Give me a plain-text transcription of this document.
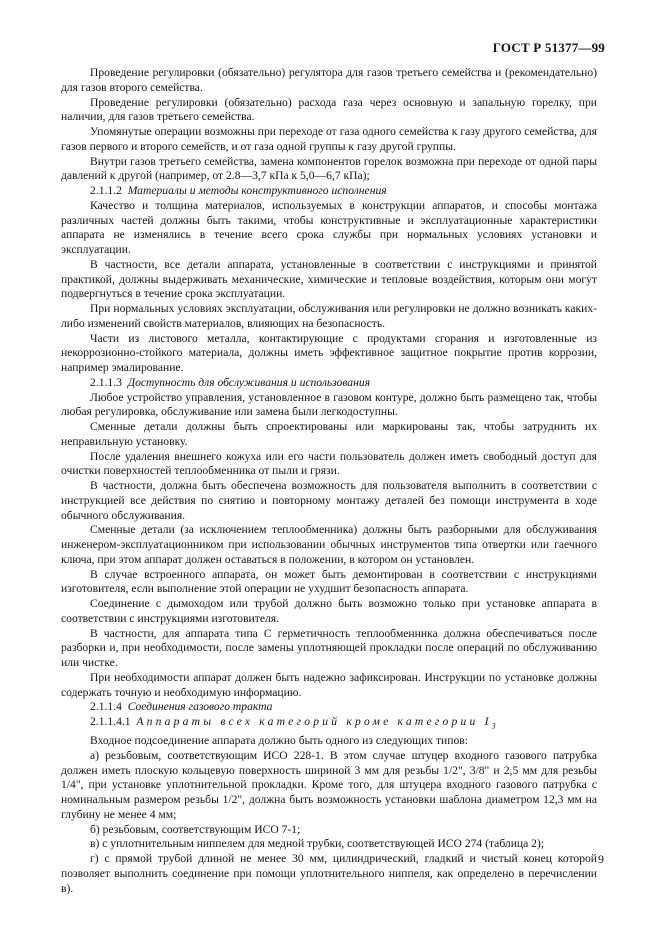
ГОСТ Р 51377—99

Проведение регулировки (обязательно) регулятора для газов третьего семейства и (рекомендательно) для газов второго семейства.

Проведение регулировки (обязательно) расхода газа через основную и запальную горелку, при наличии, для газов третьего семейства.

Упомянутые операции возможны при переходе от газа одного семейства к газу другого семейства, для газов первого и второго семейств, и от газа одной группы к газу другой группы.

Внутри газов третьего семейства, замена компонентов горелок возможна при переходе от одной пары давлений к другой (например, от 2.8—3,7 кПа к 5,0—6,7 кПа);

2.1.1.2 Материалы и методы конструктивного исполнения

Качество и толщина материалов, используемых в конструкции аппаратов, и способы монтажа различных частей должны быть такими, чтобы конструктивные и эксплуатационные характеристики аппарата не изменялись в течение всего срока службы при нормальных условиях установки и эксплуатации.

В частности, все детали аппарата, установленные в соответствии с инструкциями и принятой практикой, должны выдерживать механические, химические и тепловые воздействия, которым они могут подвергнуться в течение срока эксплуатации.

При нормальных условиях эксплуатации, обслуживания или регулировки не должно возникать каких-либо изменений свойств материалов, влияющих на безопасность.

Части из листового металла, контактирующие с продуктами сгорания и изготовленные из некоррозионно-стойкого материала, должны иметь эффективное защитное покрытие против коррозии, например эмалирование.

2.1.1.3 Доступность для обслуживания и использования

Любое устройство управления, установленное в газовом контуре, должно быть размещено так, чтобы любая регулировка, обслуживание или замена были легкодоступны.

Сменные детали должны быть спроектированы или маркированы так, чтобы затруднить их неправильную установку.

После удаления внешнего кожуха или его части пользователь должен иметь свободный доступ для очистки поверхностей теплообменника от пыли и грязи.

В частности, должна быть обеспечена возможность для пользователя выполнить в соответствии с инструкцией все действия по снятию и повторному монтажу деталей без помощи инструмента в ходе обычного обслуживания.

Сменные детали (за исключением теплообменника) должны быть разборными для обслуживания инженером-эксплуатационником при использовании обычных инструментов типа отвертки или гаечного ключа, при этом аппарат должен оставаться в положении, в котором он установлен.

В случае встроенного аппарата, он может быть демонтирован в соответствии с инструкциями изготовителя, если выполнение этой операции не ухудшит безопасность аппарата.

Соединение с дымоходом или трубой должно быть возможно только при установке аппарата в соответствии с инструкциями изготовителя.

В частности, для аппарата типа С герметичность теплообменника должна обеспечиваться после разборки и, при необходимости, после замены уплотняющей прокладки после операций по обслуживанию или чистке.

При необходимости аппарат должен быть надежно зафиксирован. Инструкции по установке должны содержать точную и необходимую информацию.

2.1.1.4 Соединения газового тракта

2.1.1.4.1 Аппараты всех категорий кроме категории $I_3$

Входное подсоединение аппарата должно быть одного из следующих типов:

а) резьбовым, соответствующим ИСО 228-1. В этом случае штуцер входного газового патрубка должен иметь плоскую кольцевую поверхность шириной 3 мм для резьбы 1/2", 3/8" и 2,5 мм для резьбы 1/4", при установке уплотнительной прокладки. Кроме того, для штуцера входного газового патрубка с номинальным размером резьбы 1/2", должна быть возможность установки шаблона диаметром 12,3 мм на глубину не менее 4 мм;

б) резьбовым, соответствующим ИСО 7-1;

в) с уплотнительным ниппелем для медной трубки, соответствующей ИСО 274 (таблица 2);

г) с прямой трубой длиной не менее 30 мм, цилиндрический, гладкий и чистый конец которой позволяет выполнить соединение при помощи уплотнительного ниппеля, как определено в перечислении в).

9
